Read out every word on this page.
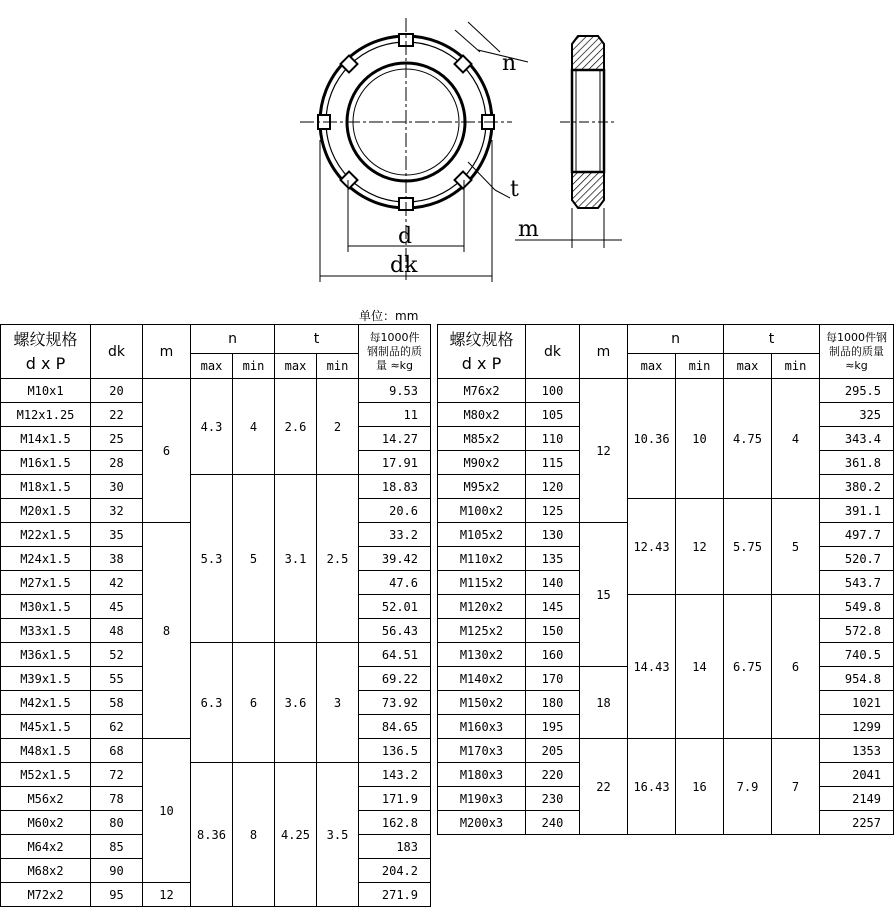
n
t
d
dk
m
单位：mm
螺纹规格
d x P	dk	m	n		t		每1000件
钢制品的质
量 ≈kg
			max	min	max	min	
M10x1	20	6	4.3	4	2.6	2	9.53
M12x1.25	22						11
M14x1.5	25						14.27
M16x1.5	28						17.91
M18x1.5	30		5.3	5	3.1	2.5	18.83
M20x1.5	32						20.6
M22x1.5	35	8					33.2
M24x1.5	38						39.42
M27x1.5	42						47.6
M30x1.5	45						52.01
M33x1.5	48						56.43
M36x1.5	52		6.3	6	3.6	3	64.51
M39x1.5	55						69.22
M42x1.5	58						73.92
M45x1.5	62						84.65
M48x1.5	68	10					136.5
M52x1.5	72		8.36	8	4.25	3.5	143.2
M56x2	78						171.9
M60x2	80						162.8
M64x2	85						183
M68x2	90						204.2
M72x2	95	12					271.9
螺纹规格
d x P	dk	m	n		t		每1000件钢
制品的质量
≈kg
			max	min	max	min	
M76x2	100	12	10.36	10	4.75	4	295.5
M80x2	105						325
M85x2	110						343.4
M90x2	115						361.8
M95x2	120						380.2
M100x2	125		12.43	12	5.75	5	391.1
M105x2	130	15					497.7
M110x2	135						520.7
M115x2	140						543.7
M120x2	145		14.43	14	6.75	6	549.8
M125x2	150						572.8
M130x2	160						740.5
M140x2	170	18					954.8
M150x2	180						1021
M160x3	195						1299
M170x3	205	22	16.43	16	7.9	7	1353
M180x3	220						2041
M190x3	230						2149
M200x3	240						2257
